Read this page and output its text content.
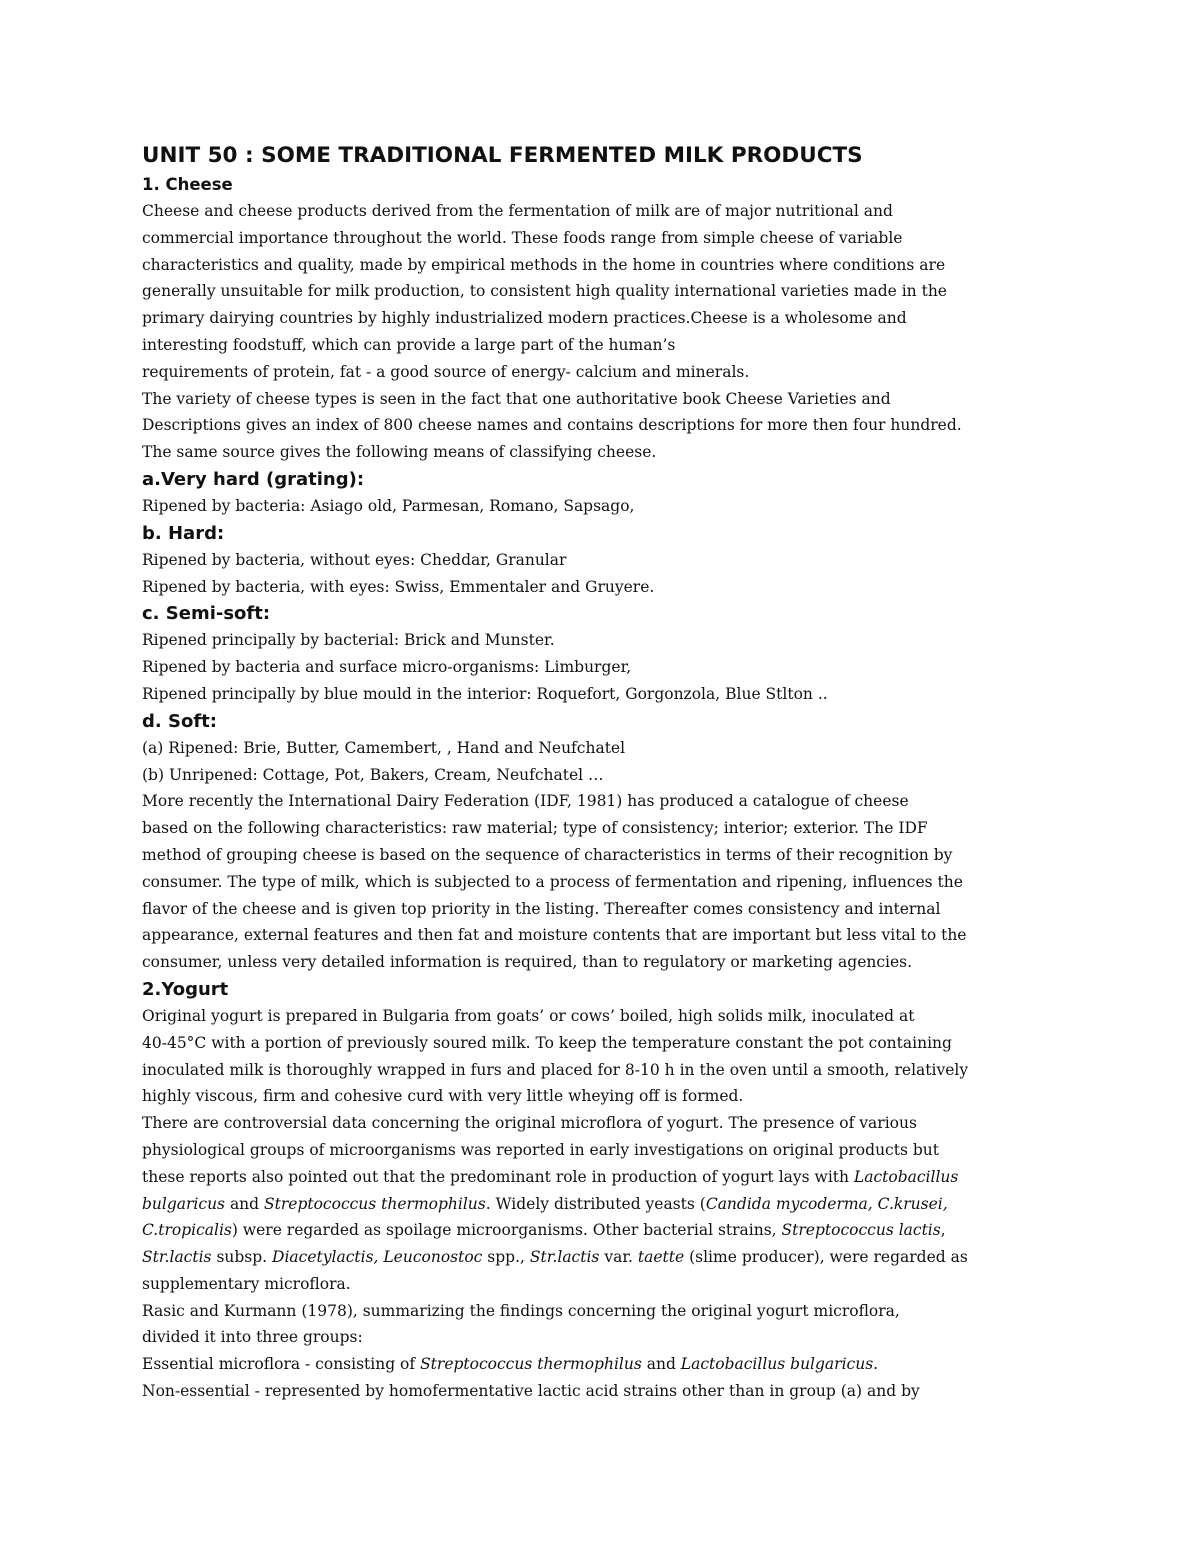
UNIT 50 : SOME TRADITIONAL FERMENTED MILK PRODUCTS
1. Cheese
Cheese and cheese products derived from the fermentation of milk are of major nutritional and
commercial importance throughout the world. These foods range from simple cheese of variable
characteristics and quality, made by empirical methods in the home in countries where conditions are
generally unsuitable for milk production, to consistent high quality international varieties made in the
primary dairying countries by highly industrialized modern practices.Cheese is a wholesome and
interesting foodstuff, which can provide a large part of the human’s
requirements of protein, fat - a good source of energy- calcium and minerals.
The variety of cheese types is seen in the fact that one authoritative book Cheese Varieties and
Descriptions gives an index of 800 cheese names and contains descriptions for more then four hundred.
The same source gives the following means of classifying cheese.
a.Very hard (grating):
Ripened by bacteria: Asiago old, Parmesan, Romano, Sapsago,
b. Hard:
Ripened by bacteria, without eyes: Cheddar, Granular
Ripened by bacteria, with eyes: Swiss, Emmentaler and Gruyere.
c. Semi-soft:
Ripened principally by bacterial: Brick and Munster.
Ripened by bacteria and surface micro-organisms: Limburger,
Ripened principally by blue mould in the interior: Roquefort, Gorgonzola, Blue Stlton ..
d. Soft:
(a) Ripened: Brie, Butter, Camembert, , Hand and Neufchatel
(b) Unripened: Cottage, Pot, Bakers, Cream, Neufchatel …
More recently the International Dairy Federation (IDF, 1981) has produced a catalogue of cheese
based on the following characteristics: raw material; type of consistency; interior; exterior. The IDF
method of grouping cheese is based on the sequence of characteristics in terms of their recognition by
consumer. The type of milk, which is subjected to a process of fermentation and ripening, influences the
flavor of the cheese and is given top priority in the listing. Thereafter comes consistency and internal
appearance, external features and then fat and moisture contents that are important but less vital to the
consumer, unless very detailed information is required, than to regulatory or marketing agencies.
2.Yogurt
Original yogurt is prepared in Bulgaria from goats’ or cows’ boiled, high solids milk, inoculated at
40-45°C with a portion of previously soured milk. To keep the temperature constant the pot containing
inoculated milk is thoroughly wrapped in furs and placed for 8-10 h in the oven until a smooth, relatively
highly viscous, firm and cohesive curd with very little wheying off is formed.
There are controversial data concerning the original microflora of yogurt. The presence of various
physiological groups of microorganisms was reported in early investigations on original products but
these reports also pointed out that the predominant role in production of yogurt lays with Lactobacillus
bulgaricus and Streptococcus thermophilus. Widely distributed yeasts (Candida mycoderma, C.krusei,
C.tropicalis) were regarded as spoilage microorganisms. Other bacterial strains, Streptococcus lactis,
Str.lactis subsp. Diacetylactis, Leuconostoc spp., Str.lactis var. taette (slime producer), were regarded as
supplementary microflora.
Rasic and Kurmann (1978), summarizing the findings concerning the original yogurt microflora,
divided it into three groups:
Essential microflora - consisting of Streptococcus thermophilus and Lactobacillus bulgaricus.
Non-essential - represented by homofermentative lactic acid strains other than in group (a) and by
